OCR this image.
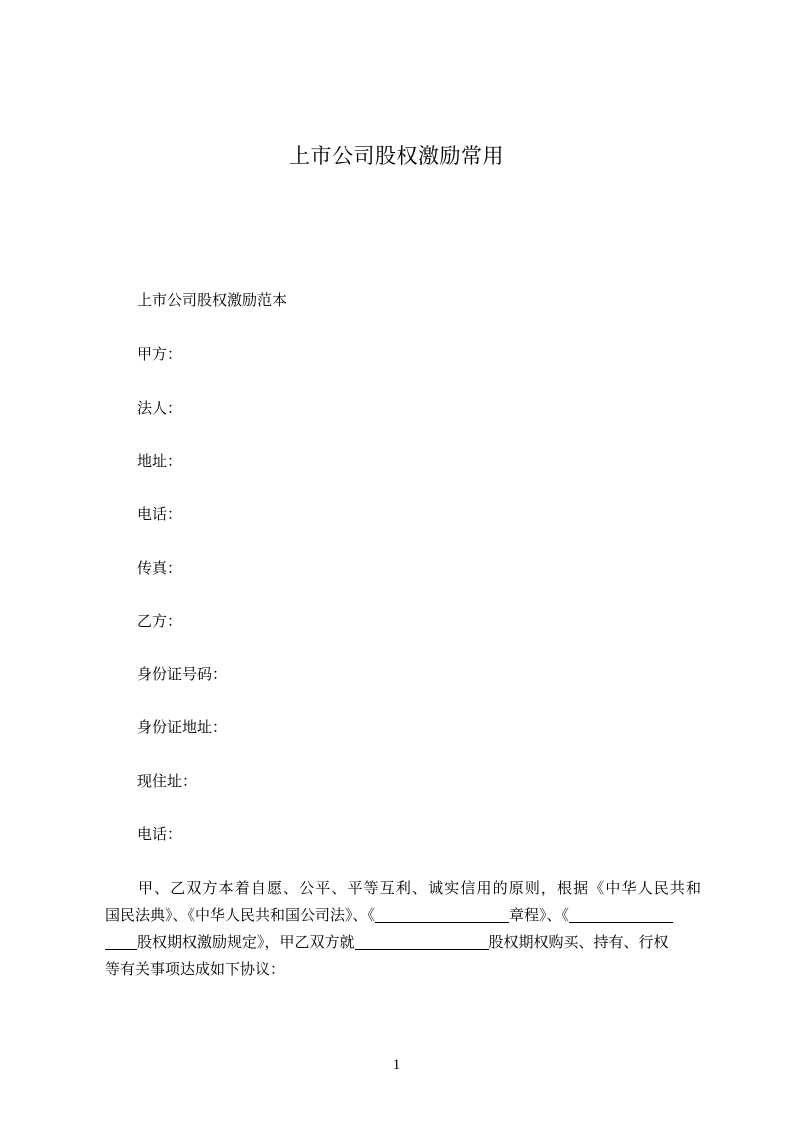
上市公司股权激励常用
上市公司股权激励范本
甲方：
法人：
地址：
电话：
传真：
乙方：
身份证号码：
身份证地址：
现住址：
电话：
甲、乙双方本着自愿、公平、平等互利、诚实信用的原则，根据《中华人民共和
国民法典》、《中华人民共和国公司法》、《	章程》、《
股权期权激励规定》，甲乙双方就	股权期权购买、持有、行权
等有关事项达成如下协议：
1
